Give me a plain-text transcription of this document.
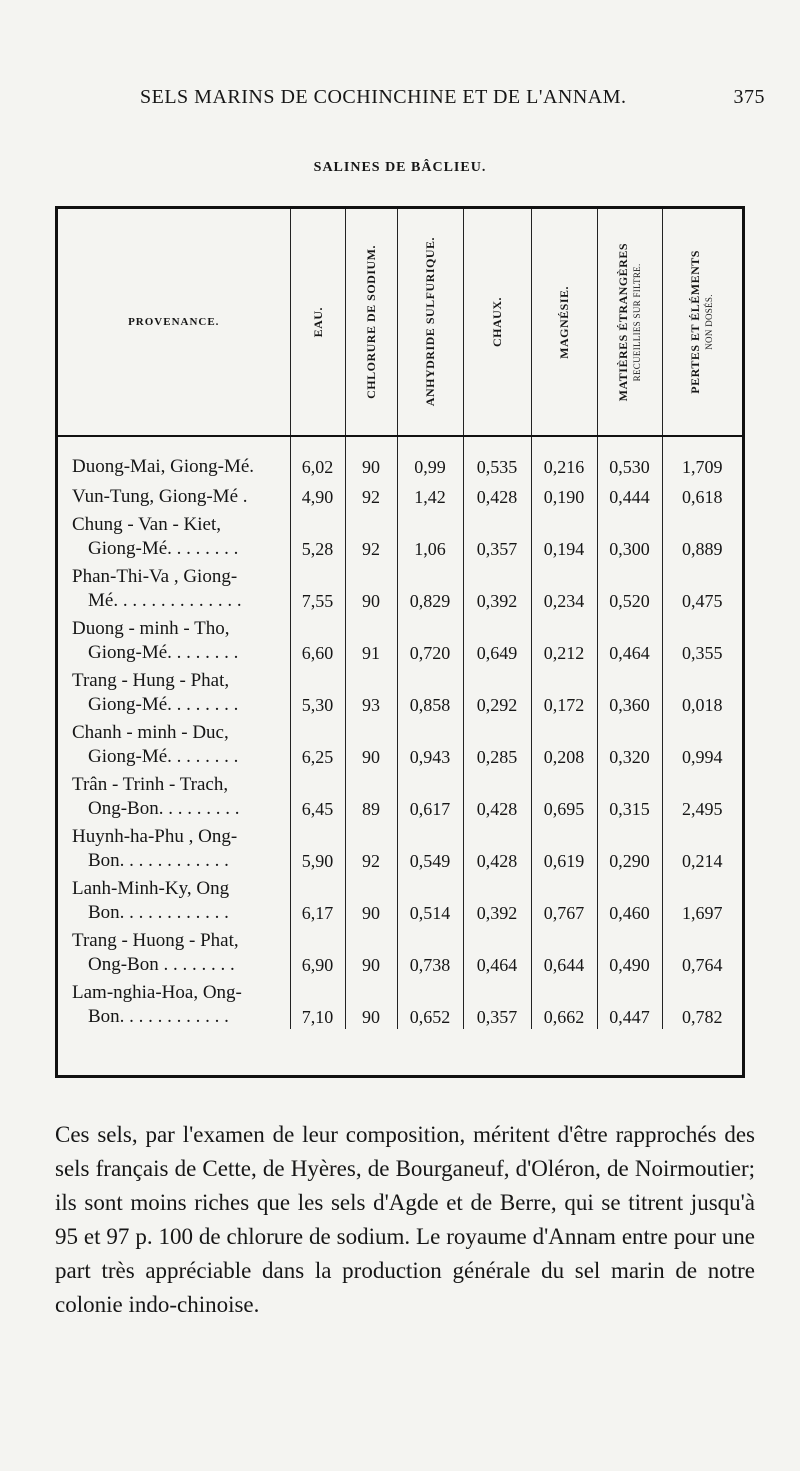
SELS MARINS DE COCHINCHINE ET DE L'ANNAM.	375
SALINES DE BÂCLIEU.
PROVENANCE.	EAU.	CHLORURE DE SODIUM.	ANHYDRIDE SULFURIQUE.	CHAUX.	MAGNÉSIE.	MATIÈRES ÉTRANGÈRES RECUEILLIES SUR FILTRE.	PERTES ET ÉLÉMENTS NON DOSÉS.

Duong-Mai, Giong-Mé.	6,02	90	0,99	0,535	0,216	0,530	1,709

Vun-Tung, Giong-Mé .	4,90	92	1,42	0,428	0,190	0,444	0,618

Chung - Van - Kiet,
Giong-Mé. . . . . . . .	5,28	92	1,06	0,357	0,194	0,300	0,889

Phan-Thi-Va , Giong-
Mé. . . . . . . . . . . . . .	7,55	90	0,829	0,392	0,234	0,520	0,475

Duong - minh - Tho,
Giong-Mé. . . . . . . .	6,60	91	0,720	0,649	0,212	0,464	0,355

Trang - Hung - Phat,
Giong-Mé. . . . . . . .	5,30	93	0,858	0,292	0,172	0,360	0,018

Chanh - minh - Duc,
Giong-Mé. . . . . . . .	6,25	90	0,943	0,285	0,208	0,320	0,994

Trân - Trinh - Trach,
Ong-Bon. . . . . . . . .	6,45	89	0,617	0,428	0,695	0,315	2,495

Huynh-ha-Phu , Ong-
Bon. . . . . . . . . . . .	5,90	92	0,549	0,428	0,619	0,290	0,214

Lanh-Minh-Ky, Ong
Bon. . . . . . . . . . . .	6,17	90	0,514	0,392	0,767	0,460	1,697

Trang - Huong - Phat,
Ong-Bon . . . . . . . .	6,90	90	0,738	0,464	0,644	0,490	0,764

Lam-nghia-Hoa, Ong-
Bon. . . . . . . . . . . .	7,10	90	0,652	0,357	0,662	0,447	0,782
Ces sels, par l'examen de leur composition, méritent d'être rapprochés des sels français de Cette, de Hyères, de Bourganeuf, d'Oléron, de Noirmoutier; ils sont moins riches que les sels d'Agde et de Berre, qui se titrent jusqu'à 95 et 97 p. 100 de chlorure de sodium. Le royaume d'Annam entre pour une part très appréciable dans la production générale du sel marin de notre colonie indo-chinoise.
